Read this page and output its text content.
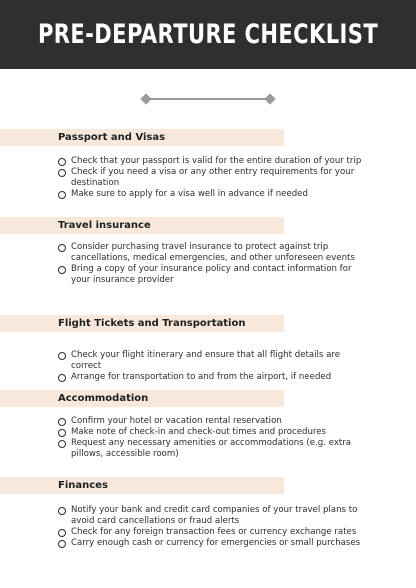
PRE-DEPARTURE CHECKLIST
Passport and Visas
Check that your passport is valid for the entire duration of your trip
Check if you need a visa or any other entry requirements for your destination
Make sure to apply for a visa well in advance if needed
Travel insurance
Consider purchasing travel insurance to protect against trip cancellations, medical emergencies, and other unforeseen events
Bring a copy of your insurance policy and contact information for your insurance provider
Flight Tickets and Transportation
Check your flight itinerary and ensure that all flight details are correct
Arrange for transportation to and from the airport, if needed
Accommodation
Confirm your hotel or vacation rental reservation
Make note of check-in and check-out times and procedures
Request any necessary amenities or accommodations (e.g. extra pillows, accessible room)
Finances
Notify your bank and credit card companies of your travel plans to avoid card cancellations or fraud alerts
Check for any foreign transaction fees or currency exchange rates
Carry enough cash or currency for emergencies or small purchases
